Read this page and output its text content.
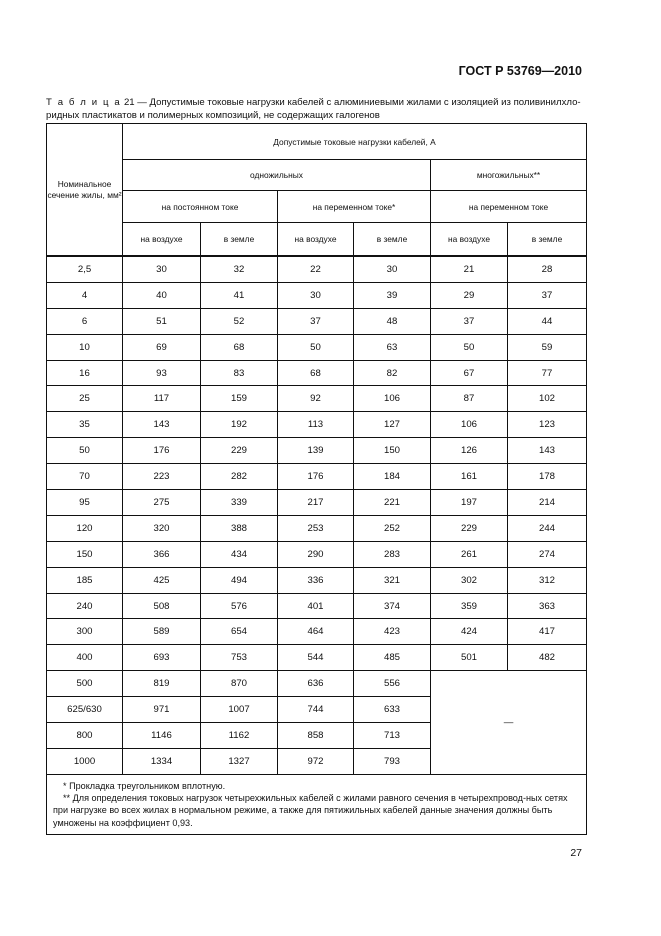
ГОСТ Р 53769—2010
Т а б л и ц а 21 — Допустимые токовые нагрузки кабелей с алюминиевыми жилами с изоляцией из поливинилхло-ридных пластикатов и полимерных композиций, не содержащих галогенов
Номинальное сечение жилы, мм²	Допустимые токовые нагрузки кабелей, А					
	одножильных				многожильных**	
	на постоянном токе		на переменном токе*		на переменном токе	
	на воздухе	в земле	на воздухе	в земле	на воздухе	в земле
2,5	30	32	22	30	21	28
4	40	41	30	39	29	37
6	51	52	37	48	37	44
10	69	68	50	63	50	59
16	93	83	68	82	67	77
25	117	159	92	106	87	102
35	143	192	113	127	106	123
50	176	229	139	150	126	143
70	223	282	176	184	161	178
95	275	339	217	221	197	214
120	320	388	253	252	229	244
150	366	434	290	283	261	274
185	425	494	336	321	302	312
240	508	576	401	374	359	363
300	589	654	464	423	424	417
400	693	753	544	485	501	482
500	819	870	636	556	—	
625/630	971	1007	744	633		
800	1146	1162	858	713		
1000	1334	1327	972	793		

* Прокладка треугольником вплотную.
** Для определения токовых нагрузок четырехжильных кабелей с жилами равного сечения в четырехпровод-ных сетях при нагрузке во всех жилах в нормальном режиме, а также для пятижильных кабелей данные значения должны быть умножены на коэффициент 0,93.						
27
